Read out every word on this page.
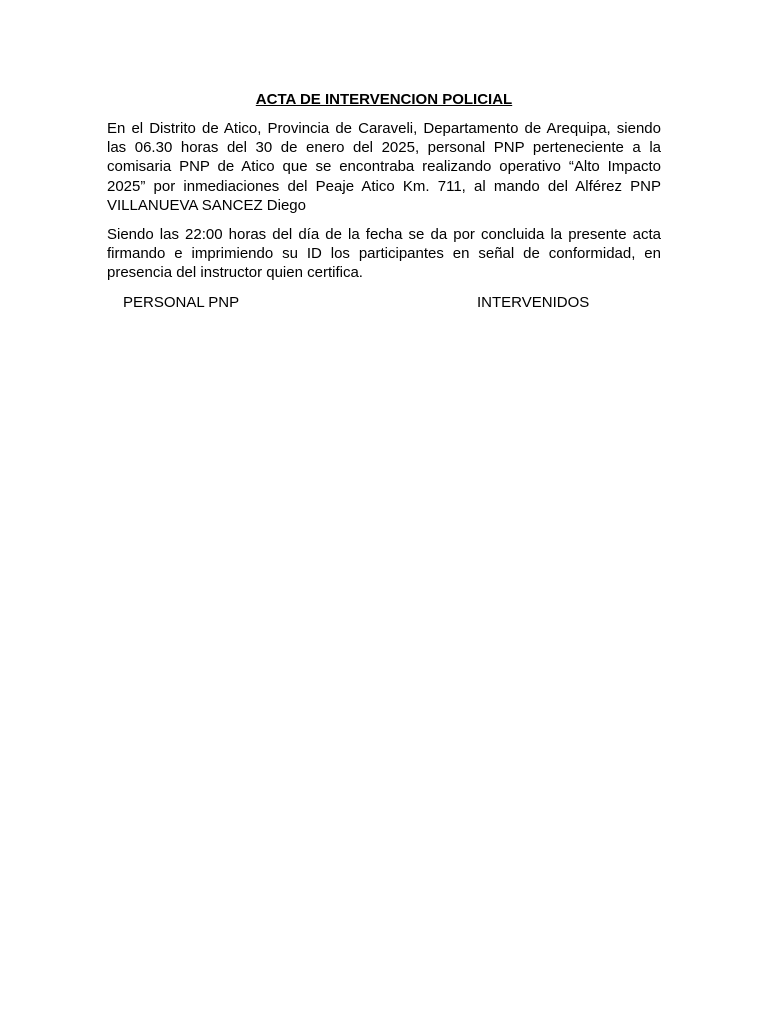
ACTA DE INTERVENCION POLICIAL

En el Distrito de Atico, Provincia de Caraveli, Departamento de Arequipa, siendo las 06.30 horas del 30 de enero del 2025, personal PNP perteneciente a la comisaria PNP de Atico que se encontraba realizando operativo “Alto Impacto 2025” por inmediaciones del Peaje Atico Km. 711, al mando del Alférez PNP VILLANUEVA SANCEZ Diego

Siendo las 22:00 horas del día de la fecha se da por concluida la presente acta firmando e imprimiendo su ID los participantes en señal de conformidad, en presencia del instructor quien certifica.

PERSONAL PNP	INTERVENIDOS
